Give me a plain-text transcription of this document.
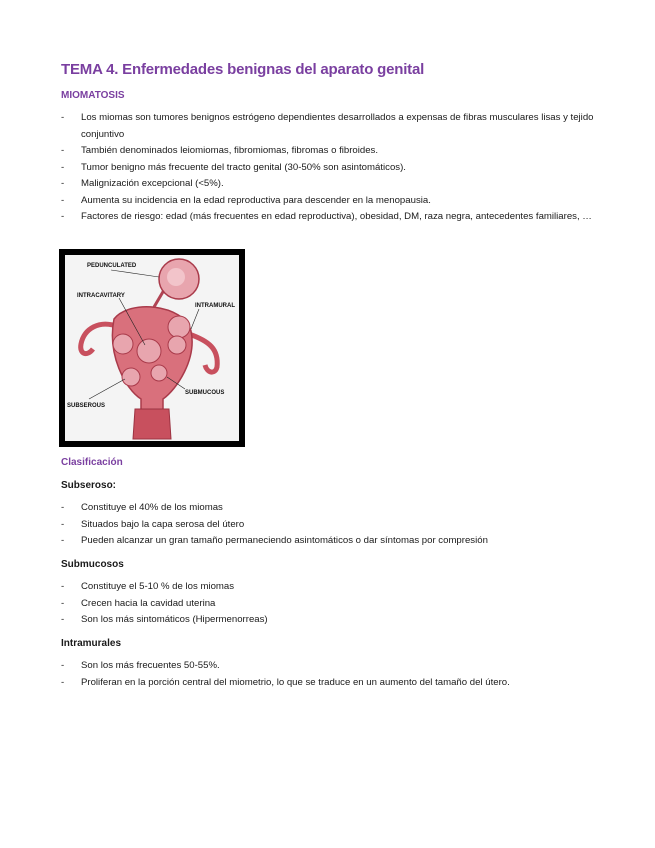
TEMA 4. Enfermedades benignas del aparato genital
MIOMATOSIS
- Los miomas son tumores benignos estrógeno dependientes desarrollados a expensas de fibras musculares lisas y tejido conjuntivo
- También denominados leiomiomas, fibromiomas, fibromas o fibroides.
- Tumor benigno más frecuente del tracto genital (30-50% son asintomáticos).
- Malignización excepcional (<5%).
- Aumenta su incidencia en la edad reproductiva para descender en la menopausia.
- Factores de riesgo: edad (más frecuentes en edad reproductiva), obesidad, DM, raza negra, antecedentes familiares, …
PEDUNCULATED
INTRACAVITARY
INTRAMURAL
SUBMUCOUS
SUBSEROUS
Clasificación
Subseroso:
- Constituye el 40% de los miomas
- Situados bajo la capa serosa del útero
- Pueden alcanzar un gran tamaño permaneciendo asintomáticos o dar síntomas por compresión
Submucosos
- Constituye el 5-10 % de los miomas
- Crecen hacia la cavidad uterina
- Son los más sintomáticos (Hipermenorreas)
Intramurales
- Son los más frecuentes 50-55%.
- Proliferan en la porción central del miometrio, lo que se traduce en un aumento del tamaño del útero.
